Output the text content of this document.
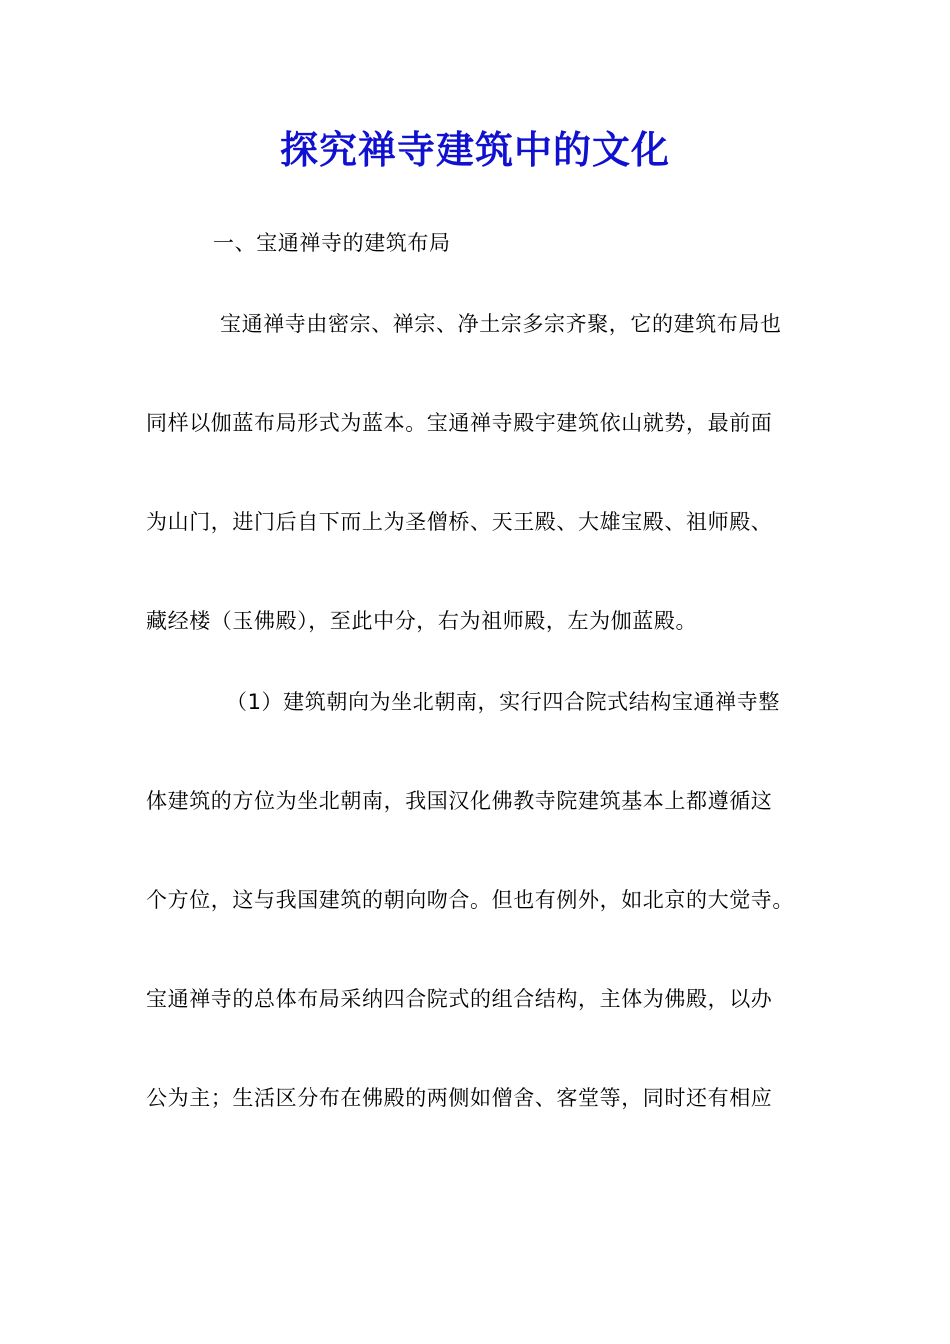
探究禅寺建筑中的文化
一、宝通禅寺的建筑布局
宝通禅寺由密宗、禅宗、净土宗多宗齐聚，它的建筑布局也
同样以伽蓝布局形式为蓝本。宝通禅寺殿宇建筑依山就势，最前面
为山门，进门后自下而上为圣僧桥、天王殿、大雄宝殿、祖师殿、
藏经楼（玉佛殿），至此中分，右为祖师殿，左为伽蓝殿。
（1）建筑朝向为坐北朝南，实行四合院式结构宝通禅寺整
体建筑的方位为坐北朝南，我国汉化佛教寺院建筑基本上都遵循这
个方位，这与我国建筑的朝向吻合。但也有例外，如北京的大觉寺。
宝通禅寺的总体布局采纳四合院式的组合结构，主体为佛殿，以办
公为主；生活区分布在佛殿的两侧如僧舍、客堂等，同时还有相应
